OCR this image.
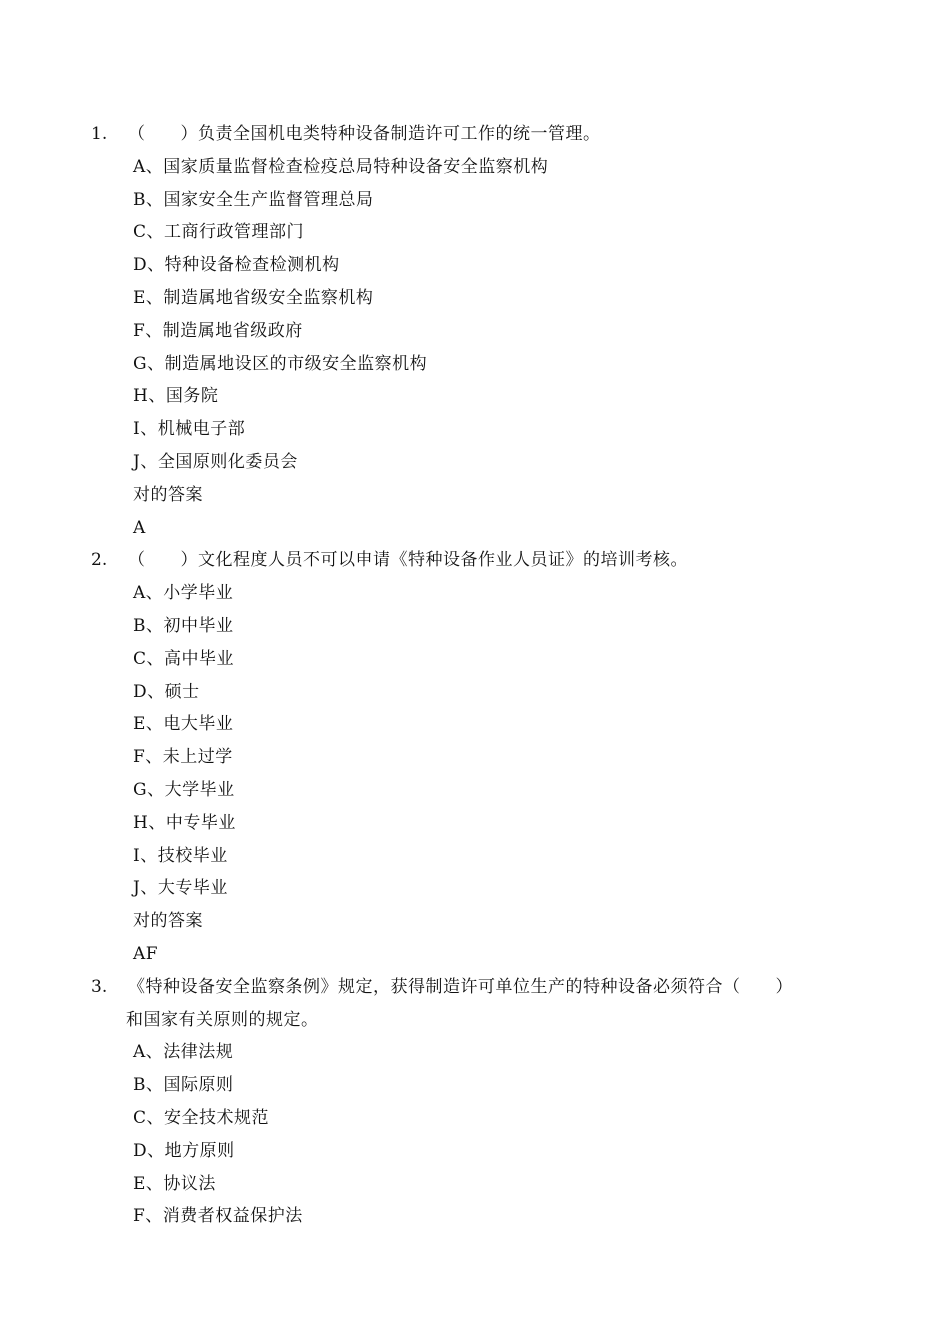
1. （　　）负责全国机电类特种设备制造许可工作的统一管理。
A、国家质量监督检查检疫总局特种设备安全监察机构
B、国家安全生产监督管理总局
C、工商行政管理部门
D、特种设备检查检测机构
E、制造属地省级安全监察机构
F、制造属地省级政府
G、制造属地设区的市级安全监察机构
H、国务院
I、机械电子部
J、全国原则化委员会
对的答案
A
2. （　　）文化程度人员不可以申请《特种设备作业人员证》的培训考核。
A、小学毕业
B、初中毕业
C、高中毕业
D、硕士
E、电大毕业
F、未上过学
G、大学毕业
H、中专毕业
I、技校毕业
J、大专毕业
对的答案
AF
3. 《特种设备安全监察条例》规定，获得制造许可单位生产的特种设备必须符合（　　）
和国家有关原则的规定。
A、法律法规
B、国际原则
C、安全技术规范
D、地方原则
E、协议法
F、消费者权益保护法
